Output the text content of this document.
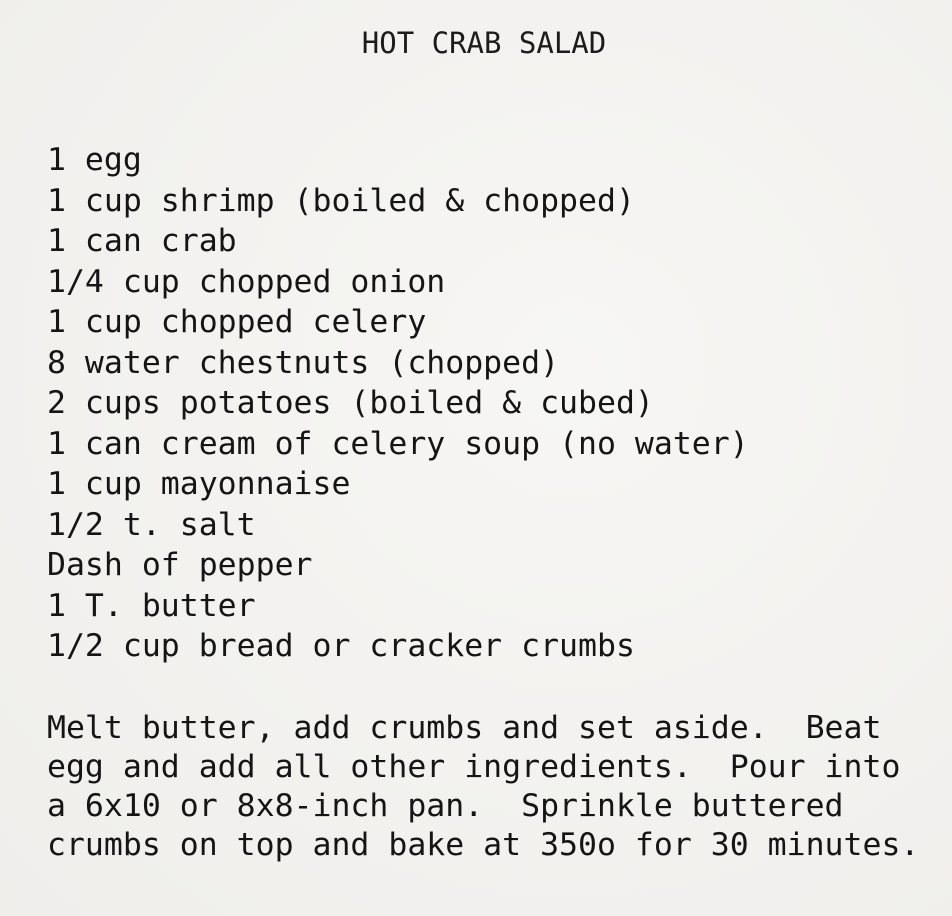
HOT CRAB SALAD
1 egg
1 cup shrimp (boiled & chopped)
1 can crab
1/4 cup chopped onion
1 cup chopped celery
8 water chestnuts (chopped)
2 cups potatoes (boiled & cubed)
1 can cream of celery soup (no water)
1 cup mayonnaise
1/2 t. salt
Dash of pepper
1 T. butter
1/2 cup bread or cracker crumbs
Melt butter, add crumbs and set aside.  Beat
egg and add all other ingredients.  Pour into
a 6x10 or 8x8-inch pan.  Sprinkle buttered
crumbs on top and bake at 350o for 30 minutes.
